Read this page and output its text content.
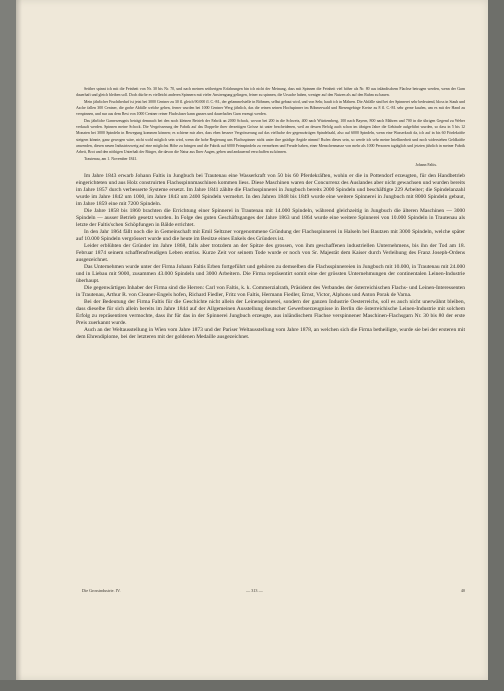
Seither spinnt ich mit die Feinheit von Nr. 30 bis Nr. 70, und nach meinen seitherigen Erfahrungen bin ich nicht der Meinung, dass mit Spinnen die Feinheit viel höher als Nr. 80 aus inländischem Flachse betrugen werden, wenn der Garn dauerhaft und gleich bleiben soll. Doch dürfte es vielleicht anderen Spinnern mit vieler Anstrengung gelingen, feiner zu spinnen, die Ursache haben, weniger auf den Nutzen als auf den Ruhm zu bauen.

Mein jährlicher Fruchtbedarf ist jetzt bei 3000 Centner zu 30 fl. gleich 90.000 fl. C.-M., der gelammelstelle in Böhmen, selbst gebaut wird, und von Sehr, hauft ich in Mähren. Die Abfälle sind bei der Spinnerei sehr bedeutend, bloss in Staub und Asche fallen 300 Centner, die grobe Abfälle welche gehen, ferner wurden bei 1000 Centner Werg jährlich, das die reinen seinen Hochspinner im Böhmerwald und Riesengebirge Kreise zu 8 fl. C.-M. sehr gerne kaufen, um es mit der Hand zu verspinnen, und nur aus dem Rest von 1000 Centner reiner Flachsfaser kann ganzes und dauerhaftes Garn erzeugt werden.

Das jährliche Garnerzeugnis beträgt demnach bei den noch kleinen Betrieb der Fabrik an 2000 Schock, wovon bei 200 in die Schweiz, 400 nach Württemberg, 100 nach Bayern, 800 nach Mähren und 700 in die übrigen Gegend zu Weber verkauft werden. Spinnen meine Schock. Die Vergrösserung der Fabrik auf das Doppelte ihrer derzeitigen Grösse ist unter bescheidenen, weil an dessen Befolg auch schon im übrigen Jahre die Gebäude aufgeführt wurden, so dass in 5 bis 12 Monaten bei 3000 Spindeln in Bewegung kommen können; es schiene mir aber, dass eben bessere Vergrösserung auf das vielfache der gegenwärtigen Spindelzahl, also auf 6000 Spindeln, wenn eine Wasserkraft da, ich auf in bis 60 Fördekräfte steigern könnte, ganz gewogen wäre, nicht wohl möglich sein wird, wenn die hohe Regierung uns Flachsspinner nicht unter ihre gnädige Aegide nimmt! Rufen dieses sein, so werde ich sehr meine Intellinerheit und noch widerstehen Geldkräfte anwenden, diesen neuen Industriezweig auf eine möglichst Höhe zu bringen und die Fabrik auf 6000 Feinspindeln zu vermehren und Freude haben, einer Menschenmasse von mehr als 1000 Personen tagtäglich und jetzten jährlich in meiner Fabrik Arbeit, Brot und den nöthigen Unterhalt der Bürger, die davon die Natur aus Ihrer Augen, geben und andauernd verschaffen zu können.

Trautenau, am 1. November 1841.
Johann Faltis.

Im Jahre 1843 erwarb Johann Faltis in Jungbuch bei Trautenau eine Wasserkraft von 50 bis 60 Pferdekräften, wohin er die in Pottendorf erzeugten, für den Handbetrieb eingerichteten und aus Holz construirten Flachsspinnmaschinen kommen liess. Diese Maschinen waren der Concurrenz des Auslandes aber nicht gewachsen und wurden bereits im Jahre 1857 durch verbesserte Systeme ersetzt. Im Jahre 1841 zählte die Flachsspinnerei in Jungbuch bereits 2000 Spindeln und beschäftigte 229 Arbeiter; die Spindelanzahl wurde im Jahre 1842 um 1000, im Jahre 1843 um 2400 Spindeln vermehrt. In den Jahren 1848 bis 1849 wurde eine weitere Spinnerei in Jungbuch mit 8000 Spindeln gebaut, im Jahre 1859 eine mit 7200 Spindeln.

Die Jahre 1858 bis 1860 brachten die Errichtung einer Spinnerei in Trautenau mit 14.000 Spindeln, während gleichzeitig in Jungbuch die älteren Maschinen — 3000 Spindeln — ausser Betrieb gesetzt wurden. In Folge des guten Geschäftsganges der Jahre 1863 und 1864 wurde eine weitere Spinnerei von 10.000 Spindeln in Trautenau als letzte der Faltis'schen Schöpfungen in Bälde errichtet.

In den Jahr 1864 fällt noch die in Gemeinschaft mit Emil Seltzner vorgenommene Gründung der Flachsspinnerei in Halseln bei Bautzen mit 3000 Spindeln, welche später auf 10.000 Spindeln vergrössert wurde und die heute im Besitze eines Enkels des Gründers ist.

Leider erblühten der Gründer im Jahre 1868, falls aber trotzdem an der Spitze des grossen, von ihm geschaffenen industriellen Unternehmens, bis ihn der Tod am 18. Februar 1874 seinem schaffensfreudigen Leben entriss. Kurze Zeit vor seinem Tode wurde er noch von Sr. Majestät dem Kaiser durch Verleihung des Franz Joseph-Ordens ausgezeichnet.

Das Unternehmen wurde unter der Firma Johann Faltis Erben fortgeführt und gehören zu demselben die Flachsspinnereien in Jungbuch mit 10.000, in Trautenau mit 24.000 und in Liebau mit 9000, zusammen 43.000 Spindeln und 3000 Arbeitern. Die Firma repräsentirt somit eine der grössten Unternehmungen der continentalen Leinen-Industrie überhaupt.

Die gegenwärtigen Inhaber der Firma sind die Herren: Carl von Faltis, k. k. Commerzialrath, Präsident des Verbandes der österreichischen Flachs- und Leinen-Interessenten in Trautenau, Arthur R. von Cleaner-Engels hofen, Richard Fiedler, Fritz von Faltis, Hermann Fiedler, Ernst, Victor, Alphons und Anton Porak de Varna.

Bei der Bedeutung der Firma Faltis für die Geschichte nicht allein der Leinenspinnerei, sondern der ganzen Industrie Oesterreichs, soll es auch nicht unerwähnt bleiben, dass dieselbe für sich allein bereits im Jahre 1844 auf der Allgemeinen Ausstellung deutscher Gewerbserzeugnisse in Berlin die österreichische Leinen-Industrie mit solchem Erfolg zu repräsentiren vermochte, dass ihr für das in der Spinnerei Jungbuch erzeugte, aus inländischem Flachse verspinnener Maschinen-Flachsgarn Nr. 30 bis 80 der erste Preis zuerkannt wurde.

Auch an der Weltausstellung in Wien vom Jahre 1873 und der Pariser Weltausstellung vom Jahre 1878, an welchen sich die Firma betheiligte, wurde sie bei der ersteren mit dem Ehrendiplome, bei der letzteren mit der goldenen Medaille ausgezeichnet.

Die Grossindustrie. IV.	— 313 —	40
